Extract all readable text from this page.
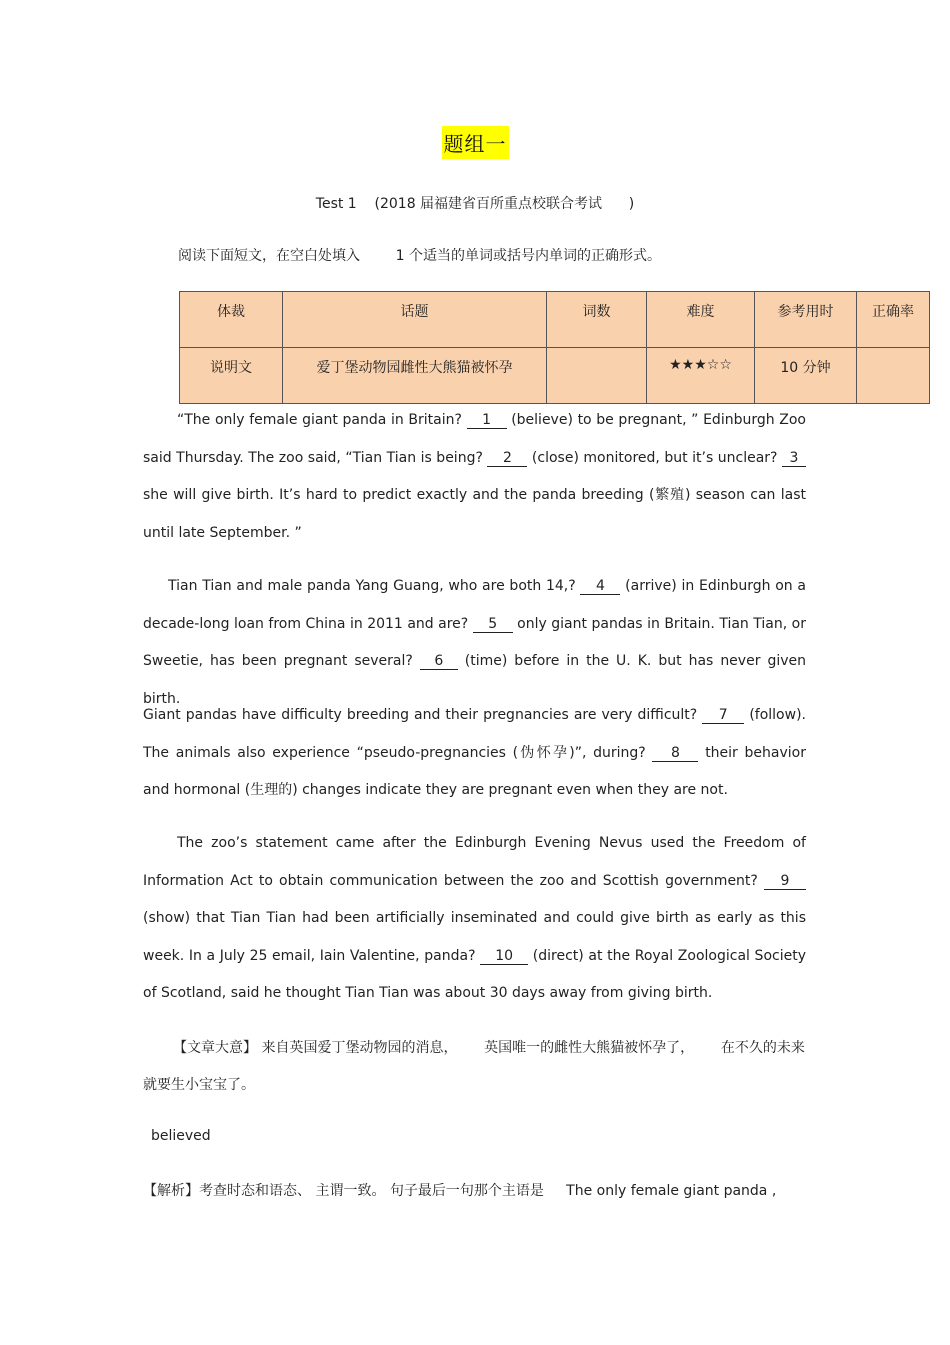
题组一
Test 1    (2018 届福建省百所重点校联合考试      )
阅读下面短文，在空白处填入        1 个适当的单词或括号内单词的正确形式。
体裁	话题	词数	难度	参考用时	正确率
说明文	爱丁堡动物园雌性大熊猫被怀孕		★★★☆☆	10 分钟	
“The only female giant panda in Britain? 1 (believe) to be pregnant, ” Edinburgh Zoo said Thursday. The zoo said, “Tian Tian is being? 2 (close) monitored, but it’s unclear? 3 she will give birth. It’s hard to predict exactly and the panda breeding (繁殖) season can last until late September. ”
Tian Tian and male panda Yang Guang, who are both 14,? 4 (arrive) in Edinburgh on a decade-long loan from China in 2011 and are? 5 only giant pandas in Britain. Tian Tian, or Sweetie, has been pregnant several? 6 (time) before in the U. K. but has never given birth.
Giant pandas have difficulty breeding and their pregnancies are very difficult? 7 (follow). The animals also experience “pseudo-pregnancies (伪怀孕)”, during? 8 their behavior and hormonal (生理的) changes indicate they are pregnant even when they are not.
The zoo’s statement came after the Edinburgh Evening Nevus used the Freedom of Information Act to obtain communication between the zoo and Scottish government? 9 (show) that Tian Tian had been artificially inseminated and could give birth as early as this week. In a July 25 email, Iain Valentine, panda? 10 (direct) at the Royal Zoological Society of Scotland, said he thought Tian Tian was about 30 days away from giving birth.
【文章大意】 来自英国爱丁堡动物园的消息，      英国唯一的雌性大熊猫被怀孕了，      在不久的未来就要生小宝宝了。
believed
【解析】考查时态和语态、 主谓一致。 句子最后一句那个主语是     The only female giant panda ,
